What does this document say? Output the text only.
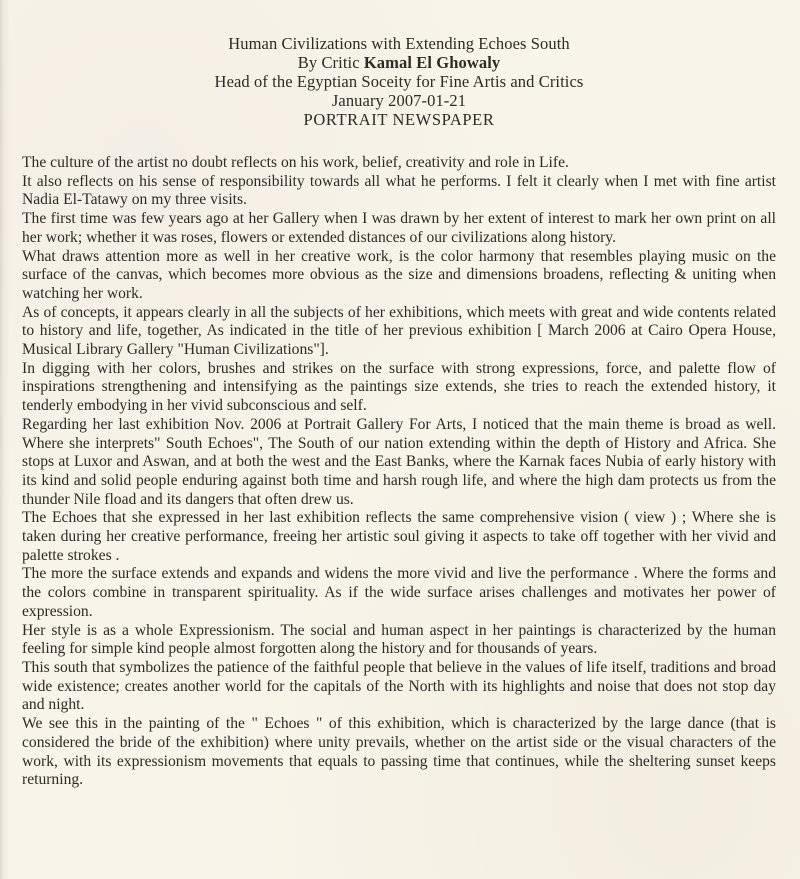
Human Civilizations with Extending Echoes South
By Critic Kamal El Ghowaly
Head of the Egyptian Soceity for Fine Artis and Critics
January 2007-01-21
PORTRAIT NEWSPAPER

The culture of the artist no doubt reflects on his work, belief, creativity and role in Life.

It also reflects on his sense of responsibility towards all what he performs. I felt it clearly when I met with fine artist Nadia El-Tatawy on my three visits.

The first time was few years ago at her Gallery when I was drawn by her extent of interest to mark her own print on all her work; whether it was roses, flowers or extended distances of our civilizations along history.

What draws attention more as well in her creative work, is the color harmony that resembles playing music on the surface of the canvas, which becomes more obvious as the size and dimensions broadens, reflecting & uniting when watching her work.

As of concepts, it appears clearly in all the subjects of her exhibitions, which meets with great and wide contents related to history and life, together, As indicated in the title of her previous exhibition [ March 2006 at Cairo Opera House, Musical Library Gallery "Human Civilizations"].

In digging with her colors, brushes and strikes on the surface with strong expressions, force, and palette flow of inspirations strengthening and intensifying as the paintings size extends, she tries to reach the extended history, it tenderly embodying in her vivid subconscious and self.

Regarding her last exhibition Nov. 2006 at Portrait Gallery For Arts, I noticed that the main theme is broad as well. Where she interprets" South Echoes", The South of our nation extending within the depth of History and Africa. She stops at Luxor and Aswan, and at both the west and the East Banks, where the Karnak faces Nubia of early history with its kind and solid people enduring against both time and harsh rough life, and where the high dam protects us from the thunder Nile fload and its dangers that often drew us.

The Echoes that she expressed in her last exhibition reflects the same comprehensive vision ( view ) ; Where she is taken during her creative performance, freeing her artistic soul giving it aspects to take off together with her vivid and palette strokes .

The more the surface extends and expands and widens the more vivid and live the performance . Where the forms and the colors combine in transparent spirituality. As if the wide surface arises challenges and motivates her power of expression.

Her style is as a whole Expressionism. The social and human aspect in her paintings is characterized by the human feeling for simple kind people almost forgotten along the history and for thousands of years.

This south that symbolizes the patience of the faithful people that believe in the values of life itself, traditions and broad wide existence; creates another world for the capitals of the North with its highlights and noise that does not stop day and night.

We see this in the painting of the " Echoes " of this exhibition, which is characterized by the large dance (that is considered the bride of the exhibition) where unity prevails, whether on the artist side or the visual characters of the work, with its expressionism movements that equals to passing time that continues, while the sheltering sunset keeps returning.
